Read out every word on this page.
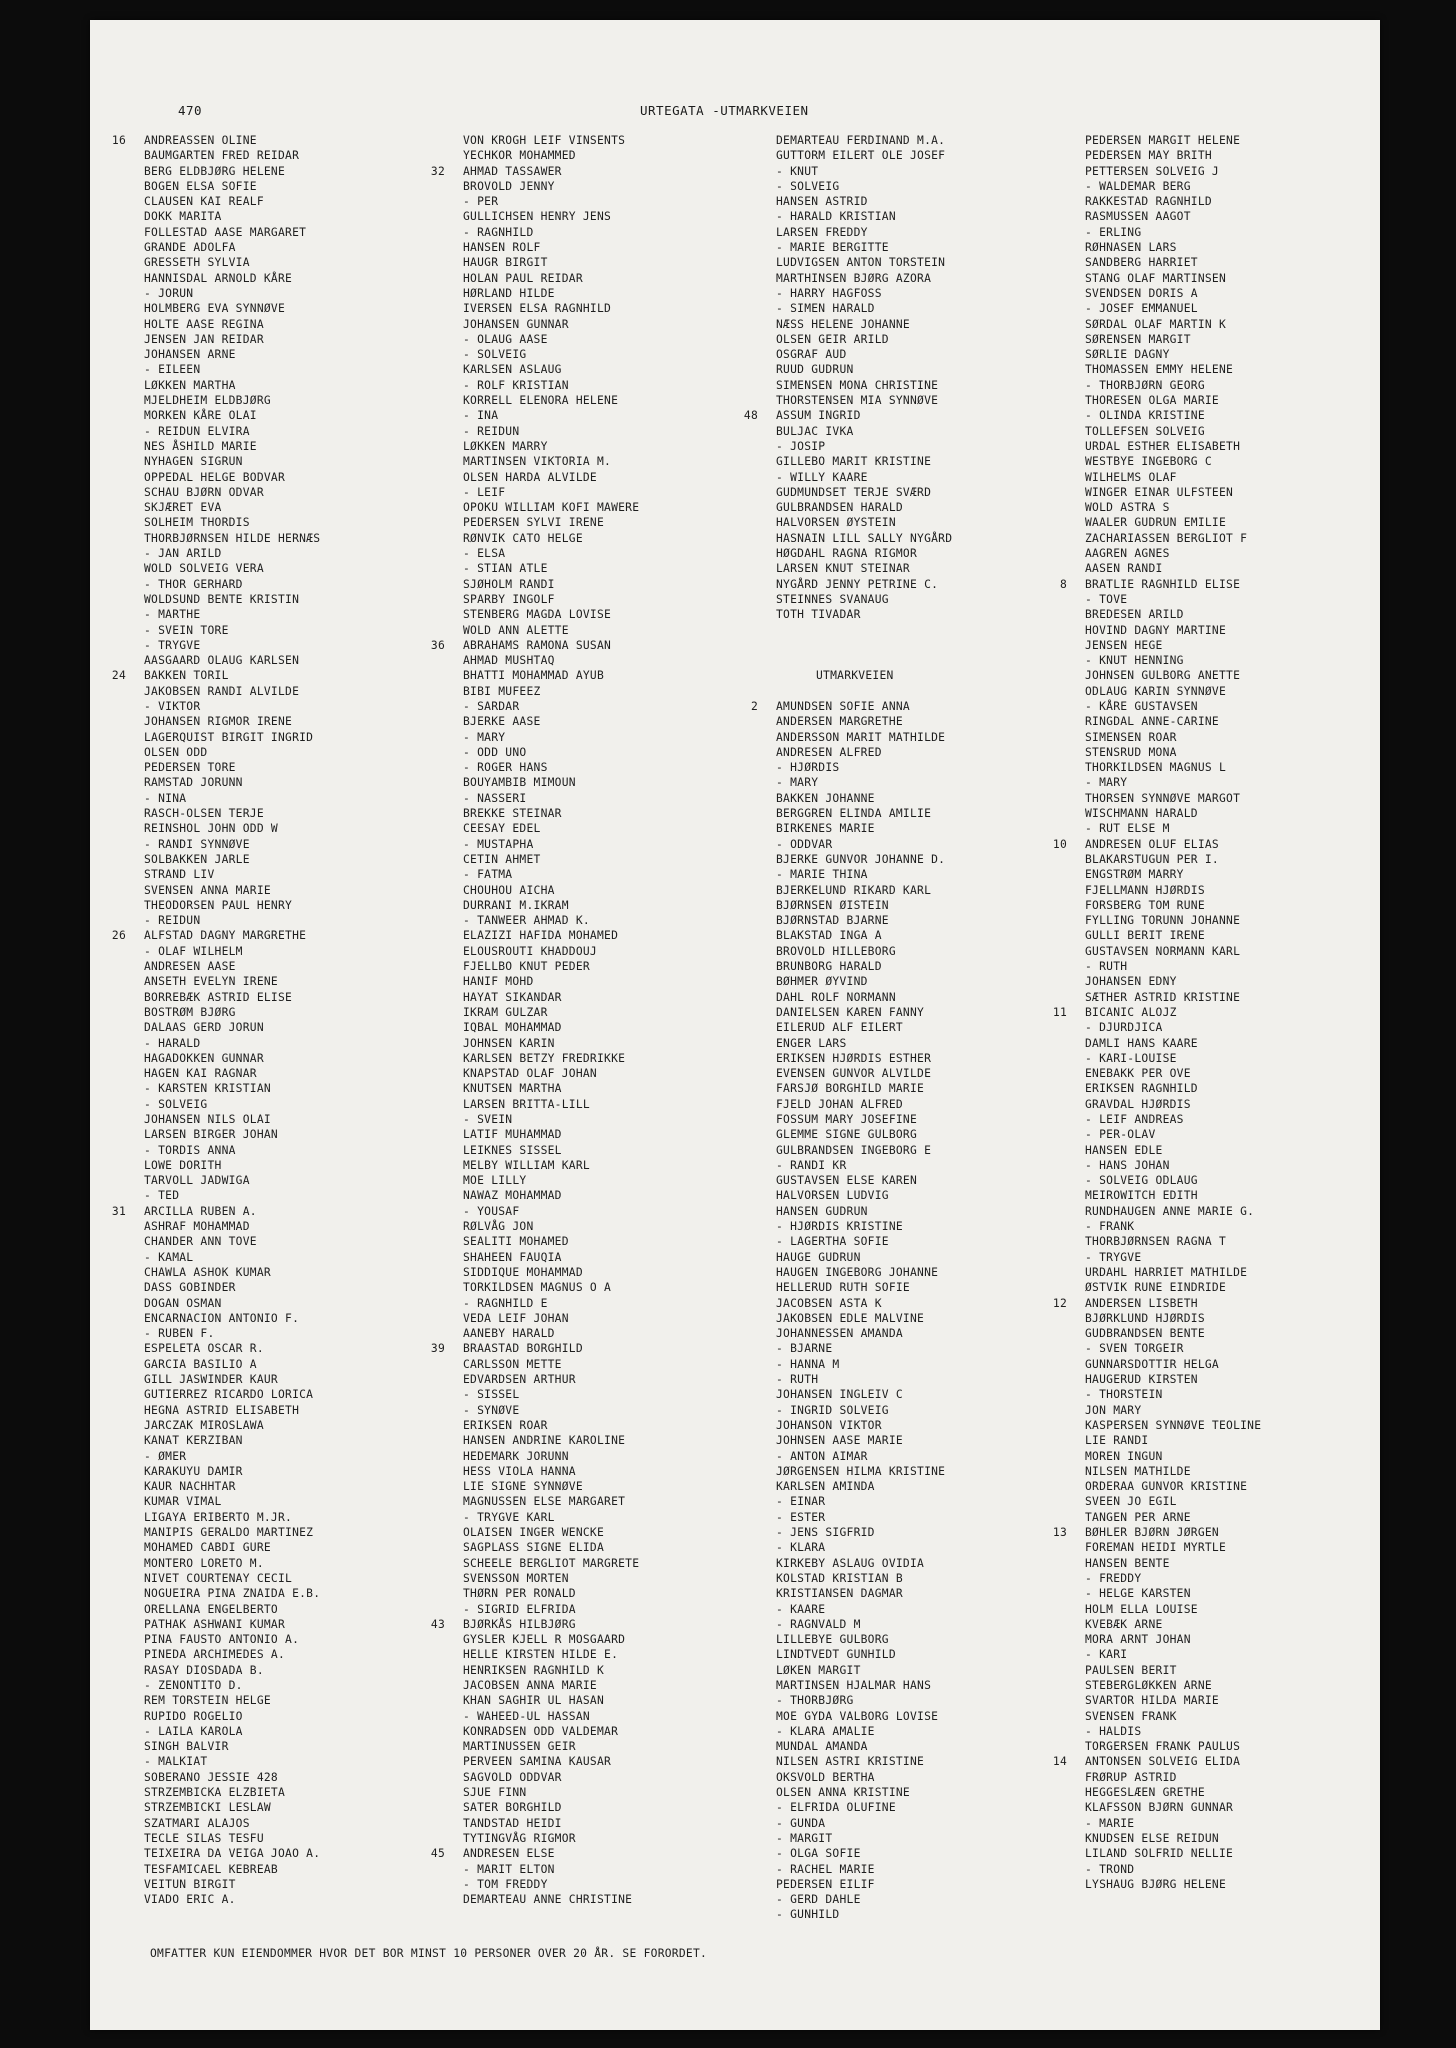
470	URTEGATA -UTMARKVEIEN
16 ANDREASSEN OLINE
BAUMGARTEN FRED REIDAR
BERG ELDBJØRG HELENE
BOGEN ELSA SOFIE
CLAUSEN KAI REALF
DOKK MARITA
FOLLESTAD AASE MARGARET
GRANDE ADOLFA
GRESSETH SYLVIA
HANNISDAL ARNOLD KÅRE
- JORUN
HOLMBERG EVA SYNNØVE
HOLTE AASE REGINA
JENSEN JAN REIDAR
JOHANSEN ARNE
- EILEEN
LØKKEN MARTHA
MJELDHEIM ELDBJØRG
MORKEN KÅRE OLAI
- REIDUN ELVIRA
NES ÅSHILD MARIE
NYHAGEN SIGRUN
OPPEDAL HELGE BODVAR
SCHAU BJØRN ODVAR
SKJÆRET EVA
SOLHEIM THORDIS
THORBJØRNSEN HILDE HERNÆS
- JAN ARILD
WOLD SOLVEIG VERA
- THOR GERHARD
WOLDSUND BENTE KRISTIN
- MARTHE
- SVEIN TORE
- TRYGVE
AASGAARD OLAUG KARLSEN
24 BAKKEN TORIL
JAKOBSEN RANDI ALVILDE
- VIKTOR
JOHANSEN RIGMOR IRENE
LAGERQUIST BIRGIT INGRID
OLSEN ODD
PEDERSEN TORE
RAMSTAD JORUNN
- NINA
RASCH-OLSEN TERJE
REINSHOL JOHN ODD W
- RANDI SYNNØVE
SOLBAKKEN JARLE
STRAND LIV
SVENSEN ANNA MARIE
THEODORSEN PAUL HENRY
- REIDUN
26 ALFSTAD DAGNY MARGRETHE
- OLAF WILHELM
ANDRESEN AASE
ANSETH EVELYN IRENE
BORREBÆK ASTRID ELISE
BOSTRØM BJØRG
DALAAS GERD JORUN
- HARALD
HAGADOKKEN GUNNAR
HAGEN KAI RAGNAR
- KARSTEN KRISTIAN
- SOLVEIG
JOHANSEN NILS OLAI
LARSEN BIRGER JOHAN
- TORDIS ANNA
LOWE DORITH
TARVOLL JADWIGA
- TED
31 ARCILLA RUBEN A.
ASHRAF MOHAMMAD
CHANDER ANN TOVE
- KAMAL
CHAWLA ASHOK KUMAR
DASS GOBINDER
DOGAN OSMAN
ENCARNACION ANTONIO F.
- RUBEN F.
ESPELETA OSCAR R.
GARCIA BASILIO A
GILL JASWINDER KAUR
GUTIERREZ RICARDO LORICA
HEGNA ASTRID ELISABETH
JARCZAK MIROSLAWA
KANAT KERZIBAN
- ØMER
KARAKUYU DAMIR
KAUR NACHHTAR
KUMAR VIMAL
LIGAYA ERIBERTO M.JR.
MANIPIS GERALDO MARTINEZ
MOHAMED CABDI GURE
MONTERO LORETO M.
NIVET COURTENAY CECIL
NOGUEIRA PINA ZNAIDA E.B.
ORELLANA ENGELBERTO
PATHAK ASHWANI KUMAR
PINA FAUSTO ANTONIO A.
PINEDA ARCHIMEDES A.
RASAY DIOSDADA B.
- ZENONTITO D.
REM TORSTEIN HELGE
RUPIDO ROGELIO
- LAILA KAROLA
SINGH BALVIR
- MALKIAT
SOBERANO JESSIE 428
STRZEMBICKA ELZBIETA
STRZEMBICKI LESLAW
SZATMARI ALAJOS
TECLE SILAS TESFU
TEIXEIRA DA VEIGA JOAO A.
TESFAMICAEL KEBREAB
VEITUN BIRGIT
VIADO ERIC A.
VON KROGH LEIF VINSENTS
YECHKOR MOHAMMED
32 AHMAD TASSAWER
BROVOLD JENNY
- PER
GULLICHSEN HENRY JENS
- RAGNHILD
HANSEN ROLF
HAUGR BIRGIT
HOLAN PAUL REIDAR
HØRLAND HILDE
IVERSEN ELSA RAGNHILD
JOHANSEN GUNNAR
- OLAUG AASE
- SOLVEIG
KARLSEN ASLAUG
- ROLF KRISTIAN
KORRELL ELENORA HELENE
- INA
- REIDUN
LØKKEN MARRY
MARTINSEN VIKTORIA M.
OLSEN HARDA ALVILDE
- LEIF
OPOKU WILLIAM KOFI MAWERE
PEDERSEN SYLVI IRENE
RØNVIK CATO HELGE
- ELSA
- STIAN ATLE
SJØHOLM RANDI
SPARBY INGOLF
STENBERG MAGDA LOVISE
WOLD ANN ALETTE
36 ABRAHAMS RAMONA SUSAN
AHMAD MUSHTAQ
BHATTI MOHAMMAD AYUB
BIBI MUFEEZ
- SARDAR
BJERKE AASE
- MARY
- ODD UNO
- ROGER HANS
BOUYAMBIB MIMOUN
- NASSERI
BREKKE STEINAR
CEESAY EDEL
- MUSTAPHA
CETIN AHMET
- FATMA
CHOUHOU AICHA
DURRANI M.IKRAM
- TANWEER AHMAD K.
ELAZIZI HAFIDA MOHAMED
ELOUSROUTI KHADDOUJ
FJELLBO KNUT PEDER
HANIF MOHD
HAYAT SIKANDAR
IKRAM GULZAR
IQBAL MOHAMMAD
JOHNSEN KARIN
KARLSEN BETZY FREDRIKKE
KNAPSTAD OLAF JOHAN
KNUTSEN MARTHA
LARSEN BRITTA-LILL
- SVEIN
LATIF MUHAMMAD
LEIKNES SISSEL
MELBY WILLIAM KARL
MOE LILLY
NAWAZ MOHAMMAD
- YOUSAF
RØLVÅG JON
SEALITI MOHAMED
SHAHEEN FAUQIA
SIDDIQUE MOHAMMAD
TORKILDSEN MAGNUS O A
- RAGNHILD E
VEDA LEIF JOHAN
AANEBY HARALD
39 BRAASTAD BORGHILD
CARLSSON METTE
EDVARDSEN ARTHUR
- SISSEL
- SYNØVE
ERIKSEN ROAR
HANSEN ANDRINE KAROLINE
HEDEMARK JORUNN
HESS VIOLA HANNA
LIE SIGNE SYNNØVE
MAGNUSSEN ELSE MARGARET
- TRYGVE KARL
OLAISEN INGER WENCKE
SAGPLASS SIGNE ELIDA
SCHEELE BERGLIOT MARGRETE
SVENSSON MORTEN
THØRN PER RONALD
- SIGRID ELFRIDA
43 BJØRKÅS HILBJØRG
GYSLER KJELL R MOSGAARD
HELLE KIRSTEN HILDE E.
HENRIKSEN RAGNHILD K
JACOBSEN ANNA MARIE
KHAN SAGHIR UL HASAN
- WAHEED-UL HASSAN
KONRADSEN ODD VALDEMAR
MARTINUSSEN GEIR
PERVEEN SAMINA KAUSAR
SAGVOLD ODDVAR
SJUE FINN
SATER BORGHILD
TANDSTAD HEIDI
TYTINGVÅG RIGMOR
45 ANDRESEN ELSE
- MARIT ELTON
- TOM FREDDY
DEMARTEAU ANNE CHRISTINE
DEMARTEAU FERDINAND M.A.
GUTTORM EILERT OLE JOSEF
- KNUT
- SOLVEIG
HANSEN ASTRID
- HARALD KRISTIAN
LARSEN FREDDY
- MARIE BERGITTE
LUDVIGSEN ANTON TORSTEIN
MARTHINSEN BJØRG AZORA
- HARRY HAGFOSS
- SIMEN HARALD
NÆSS HELENE JOHANNE
OLSEN GEIR ARILD
OSGRAF AUD
RUUD GUDRUN
SIMENSEN MONA CHRISTINE
THORSTENSEN MIA SYNNØVE
48 ASSUM INGRID
BULJAC IVKA
- JOSIP
GILLEBO MARIT KRISTINE
- WILLY KAARE
GUDMUNDSET TERJE SVÆRD
GULBRANDSEN HARALD
HALVORSEN ØYSTEIN
HASNAIN LILL SALLY NYGÅRD
HØGDAHL RAGNA RIGMOR
LARSEN KNUT STEINAR
NYGÅRD JENNY PETRINE C.
STEINNES SVANAUG
TOTH TIVADAR
UTMARKVEIEN
2 AMUNDSEN SOFIE ANNA
ANDERSEN MARGRETHE
ANDERSSON MARIT MATHILDE
ANDRESEN ALFRED
- HJØRDIS
- MARY
BAKKEN JOHANNE
BERGGREN ELINDA AMILIE
BIRKENES MARIE
- ODDVAR
BJERKE GUNVOR JOHANNE D.
- MARIE THINA
BJERKELUND RIKARD KARL
BJØRNSEN ØISTEIN
BJØRNSTAD BJARNE
BLAKSTAD INGA A
BROVOLD HILLEBORG
BRUNBORG HARALD
BØHMER ØYVIND
DAHL ROLF NORMANN
DANIELSEN KAREN FANNY
EILERUD ALF EILERT
ENGER LARS
ERIKSEN HJØRDIS ESTHER
EVENSEN GUNVOR ALVILDE
FARSJØ BORGHILD MARIE
FJELD JOHAN ALFRED
FOSSUM MARY JOSEFINE
GLEMME SIGNE GULBORG
GULBRANDSEN INGEBORG E
- RANDI KR
GUSTAVSEN ELSE KAREN
HALVORSEN LUDVIG
HANSEN GUDRUN
- HJØRDIS KRISTINE
- LAGERTHA SOFIE
HAUGE GUDRUN
HAUGEN INGEBORG JOHANNE
HELLERUD RUTH SOFIE
JACOBSEN ASTA K
JAKOBSEN EDLE MALVINE
JOHANNESSEN AMANDA
- BJARNE
- HANNA M
- RUTH
JOHANSEN INGLEIV C
- INGRID SOLVEIG
JOHANSON VIKTOR
JOHNSEN AASE MARIE
- ANTON AIMAR
JØRGENSEN HILMA KRISTINE
KARLSEN AMINDA
- EINAR
- ESTER
- JENS SIGFRID
- KLARA
KIRKEBY ASLAUG OVIDIA
KOLSTAD KRISTIAN B
KRISTIANSEN DAGMAR
- KAARE
- RAGNVALD M
LILLEBYE GULBORG
LINDTVEDT GUNHILD
LØKEN MARGIT
MARTINSEN HJALMAR HANS
- THORBJØRG
MOE GYDA VALBORG LOVISE
- KLARA AMALIE
MUNDAL AMANDA
NILSEN ASTRI KRISTINE
OKSVOLD BERTHA
OLSEN ANNA KRISTINE
- ELFRIDA OLUFINE
- GUNDA
- MARGIT
- OLGA SOFIE
- RACHEL MARIE
PEDERSEN EILIF
- GERD DAHLE
- GUNHILD
PEDERSEN MARGIT HELENE
PEDERSEN MAY BRITH
PETTERSEN SOLVEIG J
- WALDEMAR BERG
RAKKESTAD RAGNHILD
RASMUSSEN AAGOT
- ERLING
RØHNASEN LARS
SANDBERG HARRIET
STANG OLAF MARTINSEN
SVENDSEN DORIS A
- JOSEF EMMANUEL
SØRDAL OLAF MARTIN K
SØRENSEN MARGIT
SØRLIE DAGNY
THOMASSEN EMMY HELENE
- THORBJØRN GEORG
THORESEN OLGA MARIE
- OLINDA KRISTINE
TOLLEFSEN SOLVEIG
URDAL ESTHER ELISABETH
WESTBYE INGEBORG C
WILHELMS OLAF
WINGER EINAR ULFSTEEN
WOLD ASTRA S
WAALER GUDRUN EMILIE
ZACHARIASSEN BERGLIOT F
AAGREN AGNES
AASEN RANDI
8 BRATLIE RAGNHILD ELISE
- TOVE
BREDESEN ARILD
HOVIND DAGNY MARTINE
JENSEN HEGE
- KNUT HENNING
JOHNSEN GULBORG ANETTE
ODLAUG KARIN SYNNØVE
- KÅRE GUSTAVSEN
RINGDAL ANNE-CARINE
SIMENSEN ROAR
STENSRUD MONA
THORKILDSEN MAGNUS L
- MARY
THORSEN SYNNØVE MARGOT
WISCHMANN HARALD
- RUT ELSE M
10 ANDRESEN OLUF ELIAS
BLAKARSTUGUN PER I.
ENGSTRØM MARRY
FJELLMANN HJØRDIS
FORSBERG TOM RUNE
FYLLING TORUNN JOHANNE
GULLI BERIT IRENE
GUSTAVSEN NORMANN KARL
- RUTH
JOHANSEN EDNY
SÆTHER ASTRID KRISTINE
11 BICANIC ALOJZ
- DJURDJICA
DAMLI HANS KAARE
- KARI-LOUISE
ENEBAKK PER OVE
ERIKSEN RAGNHILD
GRAVDAL HJØRDIS
- LEIF ANDREAS
- PER-OLAV
HANSEN EDLE
- HANS JOHAN
- SOLVEIG ODLAUG
MEIROWITCH EDITH
RUNDHAUGEN ANNE MARIE G.
- FRANK
THORBJØRNSEN RAGNA T
- TRYGVE
URDAHL HARRIET MATHILDE
ØSTVIK RUNE EINDRIDE
12 ANDERSEN LISBETH
BJØRKLUND HJØRDIS
GUDBRANDSEN BENTE
- SVEN TORGEIR
GUNNARSDOTTIR HELGA
HAUGERUD KIRSTEN
- THORSTEIN
JON MARY
KASPERSEN SYNNØVE TEOLINE
LIE RANDI
MOREN INGUN
NILSEN MATHILDE
ORDERAA GUNVOR KRISTINE
SVEEN JO EGIL
TANGEN PER ARNE
13 BØHLER BJØRN JØRGEN
FOREMAN HEIDI MYRTLE
HANSEN BENTE
- FREDDY
- HELGE KARSTEN
HOLM ELLA LOUISE
KVEBÆK ARNE
MORA ARNT JOHAN
- KARI
PAULSEN BERIT
STEBERGLØKKEN ARNE
SVARTOR HILDA MARIE
SVENSEN FRANK
- HALDIS
TORGERSEN FRANK PAULUS
14 ANTONSEN SOLVEIG ELIDA
FRØRUP ASTRID
HEGGESLÆEN GRETHE
KLAFSSON BJØRN GUNNAR
- MARIE
KNUDSEN ELSE REIDUN
LILAND SOLFRID NELLIE
- TROND
LYSHAUG BJØRG HELENE
OMFATTER KUN EIENDOMMER HVOR DET BOR MINST 10 PERSONER OVER 20 ÅR. SE FORORDET.
